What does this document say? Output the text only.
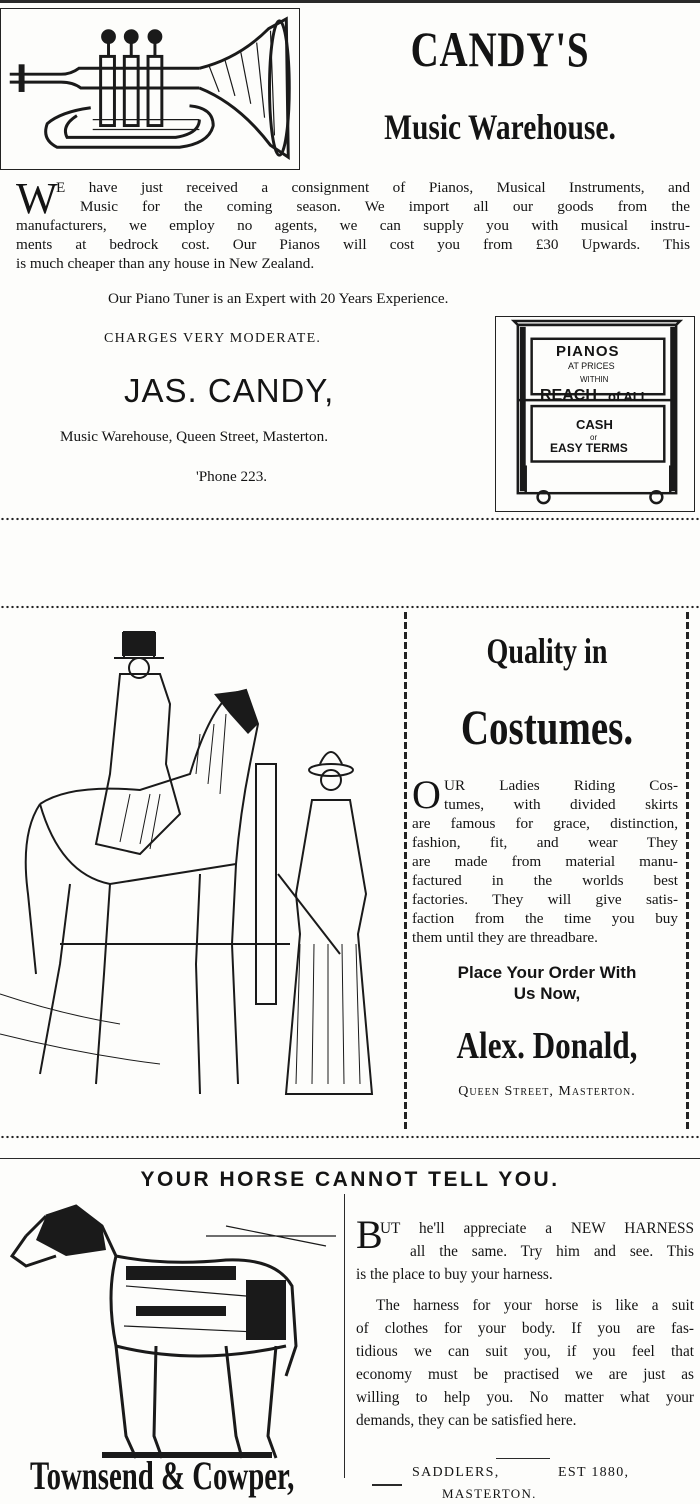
CANDY'S
Music Warehouse.
W
E have just received a consignment of Pianos, Musical Instruments, and
Music for the coming season. We import all our goods from the
manufacturers, we employ no agents, we can supply you with musical instru-
ments at bedrock cost. Our Pianos will cost you from £30 Upwards. This
is much cheaper than any house in New Zealand.
Our Piano Tuner is an Expert with 20 Years Experience.
CHARGES VERY MODERATE.
JAS. CANDY,
Music Warehouse, Queen Street, Masterton.
'Phone 223.
PIANOS
AT PRICES
WITHIN
REACH of ALL
CASH
or
EASY TERMS
Quality in
Costumes.
O UR Ladies Riding Cos-
tumes, with divided skirts
are famous for grace, distinction,
fashion, fit, and wear They
are made from material manu-
factured in the worlds best
factories. They will give satis-
faction from the time you buy
them until they are threadbare.
Place Your Order With
Us Now,
Alex. Donald,
Queen Street, Masterton.
YOUR HORSE CANNOT TELL YOU.
B
UT he'll appreciate a NEW HARNESS
all the same. Try him and see. This
is the place to buy your harness.
The harness for your horse is like a suit
of clothes for your body. If you are fas-
tidious we can suit you, if you feel that
economy must be practised we are just as
willing to help you. No matter what your
demands, they can be satisfied here.
Townsend & Cowper,	SADDLERS,	EST 1880,
MASTERTON.
